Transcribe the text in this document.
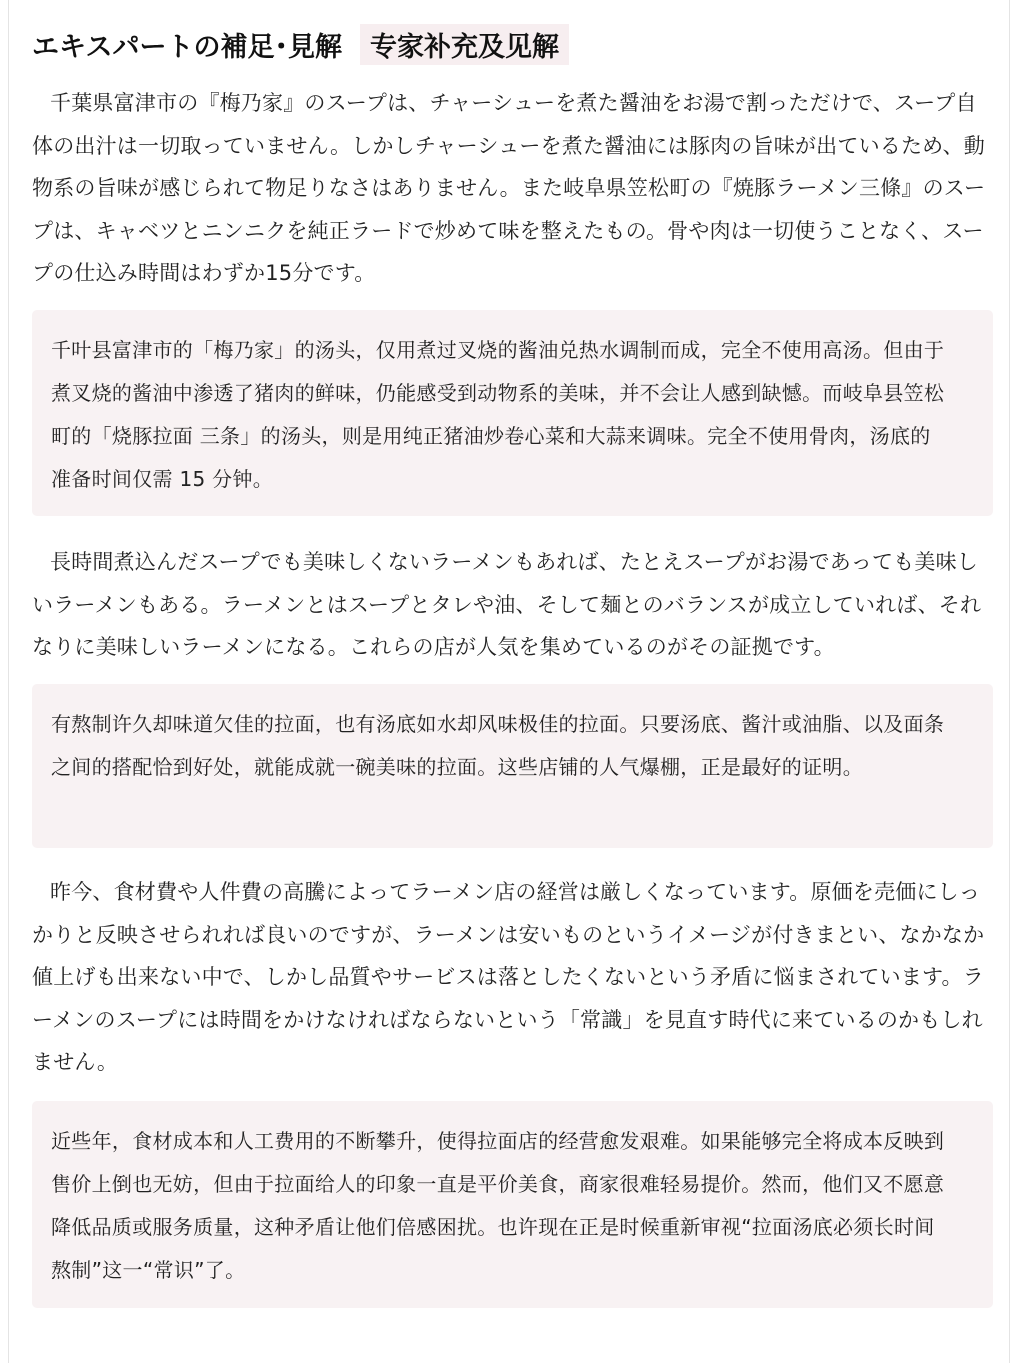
エキスパートの補足･見解	专家补充及见解

千葉県富津市の『梅乃家』のスープは、チャーシューを煮た醤油をお湯で割っただけで、スープ自体の出汁は一切取っていません。しかしチャーシューを煮た醤油には豚肉の旨味が出ているため、動物系の旨味が感じられて物足りなさはありません。また岐阜県笠松町の『焼豚ラーメン三條』のスープは、キャベツとニンニクを純正ラードで炒めて味を整えたもの。骨や肉は一切使うことなく、スープの仕込み時間はわずか15分です。

千叶县富津市的「梅乃家」的汤头，仅用煮过叉烧的酱油兑热水调制而成，完全不使用高汤。但由于煮叉烧的酱油中渗透了猪肉的鲜味，仍能感受到动物系的美味，并不会让人感到缺憾。而岐阜县笠松町的「烧豚拉面 三条」的汤头，则是用纯正猪油炒卷心菜和大蒜来调味。完全不使用骨肉，汤底的准备时间仅需 15 分钟。

長時間煮込んだスープでも美味しくないラーメンもあれば、たとえスープがお湯であっても美味しいラーメンもある。ラーメンとはスープとタレや油、そして麺とのバランスが成立していれば、それなりに美味しいラーメンになる。これらの店が人気を集めているのがその証拠です。

有熬制许久却味道欠佳的拉面，也有汤底如水却风味极佳的拉面。只要汤底、酱汁或油脂、以及面条之间的搭配恰到好处，就能成就一碗美味的拉面。这些店铺的人气爆棚，正是最好的证明。

昨今、食材費や人件費の高騰によってラーメン店の経営は厳しくなっています。原価を売価にしっかりと反映させられれば良いのですが、ラーメンは安いものというイメージが付きまとい、なかなか値上げも出来ない中で、しかし品質やサービスは落としたくないという矛盾に悩まされています。ラーメンのスープには時間をかけなければならないという「常識」を見直す時代に来ているのかもしれません。

近些年，食材成本和人工费用的不断攀升，使得拉面店的经营愈发艰难。如果能够完全将成本反映到售价上倒也无妨，但由于拉面给人的印象一直是平价美食，商家很难轻易提价。然而，他们又不愿意降低品质或服务质量，这种矛盾让他们倍感困扰。也许现在正是时候重新审视“拉面汤底必须长时间熬制”这一“常识”了。
